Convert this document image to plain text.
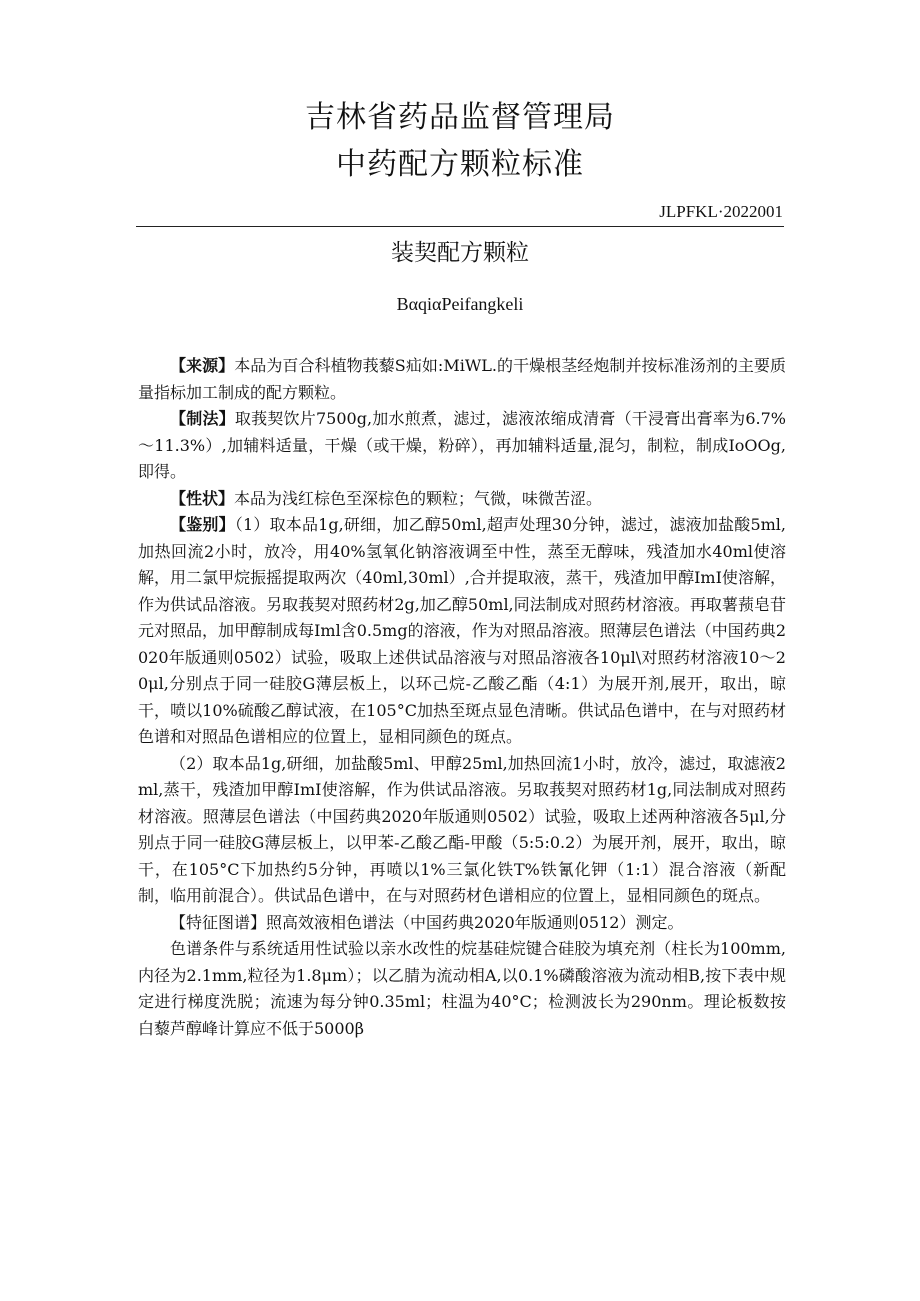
吉林省药品监督管理局
中药配方颗粒标准
JLPFKL·2022001
装契配方颗粒
BαqiαPeifangkeli

【来源】本品为百合科植物莪藜S疝如:MiWL.的干燥根茎经炮制并按标准汤剂的主要质量指标加工制成的配方颗粒。

【制法】取莪契饮片7500g,加水煎煮，滤过，滤液浓缩成清膏（干浸膏出膏率为6.7%～11.3%）,加辅料适量，干燥（或干燥，粉碎），再加辅料适量,混匀，制粒，制成IoOOg,即得。

【性状】本品为浅红棕色至深棕色的颗粒；气微，味微苦涩。

【鉴别】（1）取本品1g,研细，加乙醇50ml,超声处理30分钟，滤过，滤液加盐酸5ml,加热回流2小时，放冷，用40%氢氧化钠溶液调至中性，蒸至无醇味，残渣加水40ml使溶解，用二氯甲烷振摇提取两次（40ml,30ml）,合并提取液，蒸干，残渣加甲醇ImI使溶解，作为供试品溶液。另取莪契对照药材2g,加乙醇50ml,同法制成对照药材溶液。再取薯蓣皂苷元对照品，加甲醇制成每Iml含0.5mg的溶液，作为对照品溶液。照薄层色谱法（中国药典2020年版通则0502）试验，吸取上述供试品溶液与对照品溶液各10μl\对照药材溶液10～20μl,分别点于同一硅胶G薄层板上，以环己烷-乙酸乙酯（4:1）为展开剂,展开，取出，晾干，喷以10%硫酸乙醇试液，在105°C加热至斑点显色清晰。供试品色谱中，在与对照药材色谱和对照品色谱相应的位置上，显相同颜色的斑点。

（2）取本品1g,研细，加盐酸5ml、甲醇25ml,加热回流1小时，放冷，滤过，取滤液2ml,蒸干，残渣加甲醇ImI使溶解，作为供试品溶液。另取莪契对照药材1g,同法制成对照药材溶液。照薄层色谱法（中国药典2020年版通则0502）试验，吸取上述两种溶液各5μl,分别点于同一硅胶G薄层板上，以甲苯-乙酸乙酯-甲酸（5:5:0.2）为展开剂，展开，取出，晾干，在105°C下加热约5分钟，再喷以1%三氯化铁T%铁氰化钾（1:1）混合溶液（新配制，临用前混合）。供试品色谱中，在与对照药材色谱相应的位置上，显相同颜色的斑点。

【特征图谱】照高效液相色谱法（中国药典2020年版通则0512）测定。

色谱条件与系统适用性试验以亲水改性的烷基硅烷键合硅胶为填充剂（柱长为100mm,内径为2.1mm,粒径为1.8μm）；以乙腈为流动相A,以0.1%磷酸溶液为流动相B,按下表中规定进行梯度洗脱；流速为每分钟0.35ml；柱温为40°C；检测波长为290nm。理论板数按白藜芦醇峰计算应不低于5000β
